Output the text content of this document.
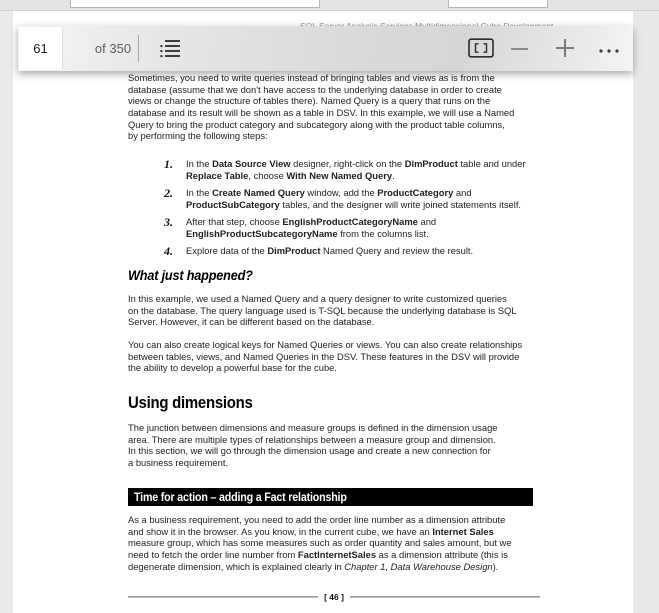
Sometimes, you need to write queries instead of bringing tables and views as is from the
database (assume that we don't have access to the underlying database in order to create
views or change the structure of tables there). Named Query is a query that runs on the
database and its result will be shown as a table in DSV. In this example, we will use a Named
Query to bring the product category and subcategory along with the product table columns,
by performing the following steps:
1. In the Data Source View designer, right-click on the DimProduct table and under
Replace Table, choose With New Named Query.
2. In the Create Named Query window, add the ProductCategory and
ProductSubCategory tables, and the designer will write joined statements itself.
3. After that step, choose EnglishProductCategoryName and
EnglishProductSubcategoryName from the columns list.
4. Explore data of the DimProduct Named Query and review the result.
What just happened?
In this example, we used a Named Query and a query designer to write customized queries
on the database. The query language used is T-SQL because the underlying database is SQL
Server. However, it can be different based on the database.
You can also create logical keys for Named Queries or views. You can also create relationships
between tables, views, and Named Queries in the DSV. These features in the DSV will provide
the ability to develop a powerful base for the cube.
Using dimensions
The junction between dimensions and measure groups is defined in the dimension usage
area. There are multiple types of relationships between a measure group and dimension.
In this section, we will go through the dimension usage and create a new connection for
a business requirement.
Time for action – adding a Fact relationship
As a business requirement, you need to add the order line number as a dimension attribute
and show it in the browser. As you know, in the current cube, we have an Internet Sales
measure group, which has some measures such as order quantity and sales amount, but we
need to fetch the order line number from FactInternetSales as a dimension attribute (this is
degenerate dimension, which is explained clearly in Chapter 1, Data Warehouse Design).
[ 46 ]
61
of 350
